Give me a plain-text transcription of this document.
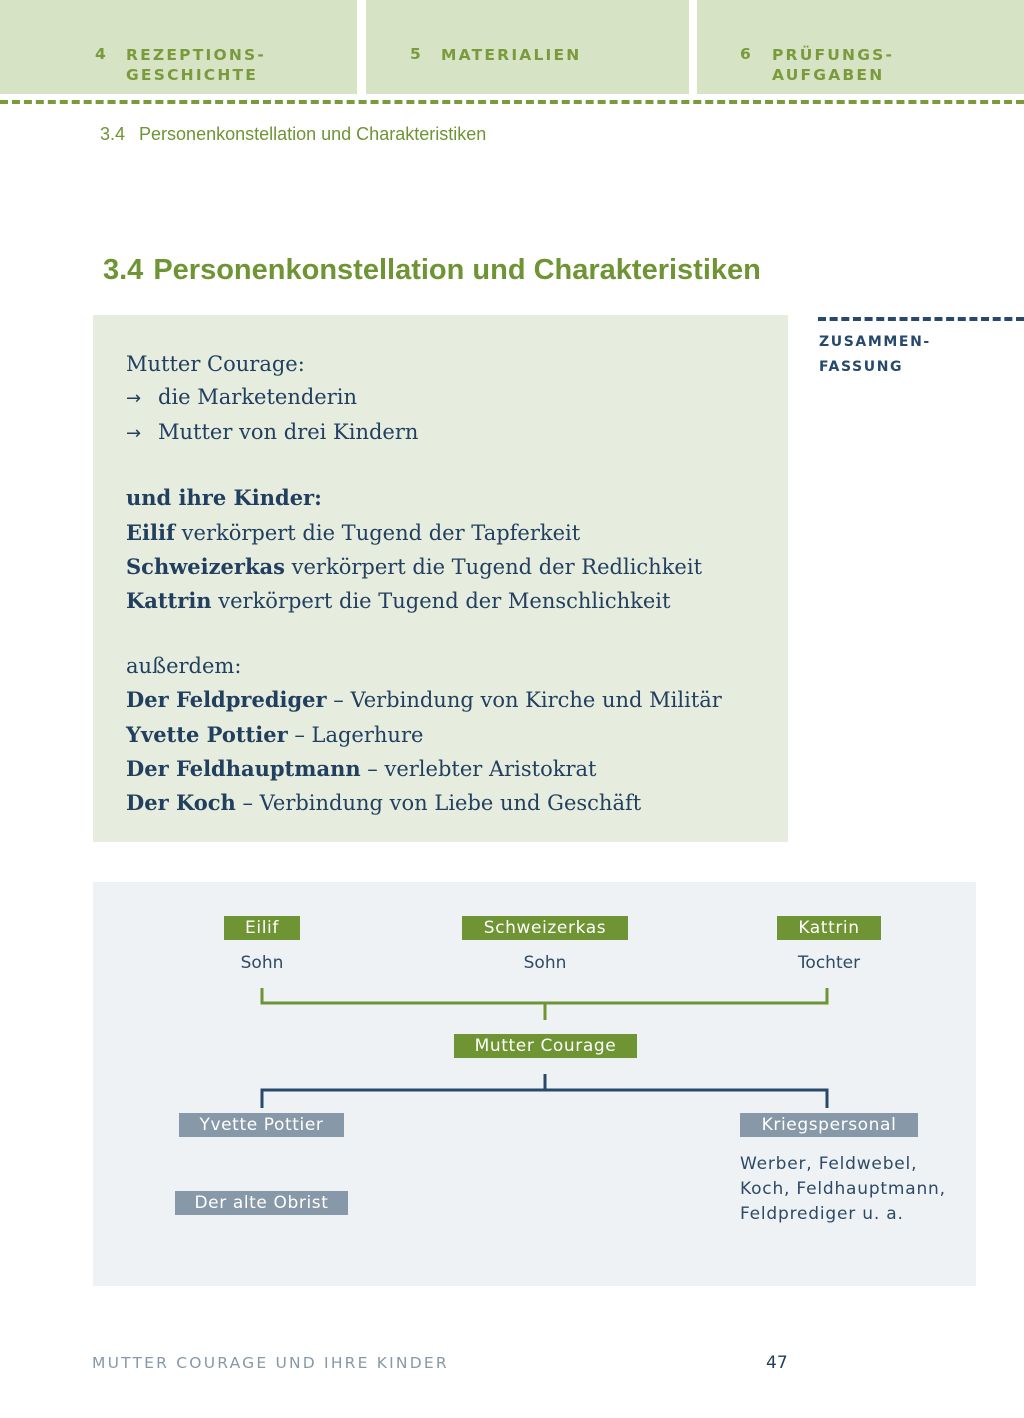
4 REZEPTIONS-
GESCHICHTE
5 MATERIALIEN	6 PRÜFUNGS-
AUFGABEN
3.4 Personenkonstellation und Charakteristiken
3.4 Personenkonstellation und Charakteristiken
ZUSAMMEN-
FASSUNG
Mutter Courage:
→ die Marketenderin
→ Mutter von drei Kindern
und ihre Kinder:
Eilif verkörpert die Tugend der Tapferkeit
Schweizerkas verkörpert die Tugend der Redlichkeit
Kattrin verkörpert die Tugend der Menschlichkeit
außerdem:
Der Feldprediger – Verbindung von Kirche und Militär
Yvette Pottier – Lagerhure
Der Feldhauptmann – verlebter Aristokrat
Der Koch – Verbindung von Liebe und Geschäft
Eilif	Schweizerkas	Kattrin
Sohn	Sohn	Tochter
Mutter Courage
Yvette Pottier
Der alte Obrist
Kriegspersonal
Werber, Feldwebel,
Koch, Feldhauptmann,
Feldprediger u. a.
MUTTER COURAGE UND IHRE KINDER	47
